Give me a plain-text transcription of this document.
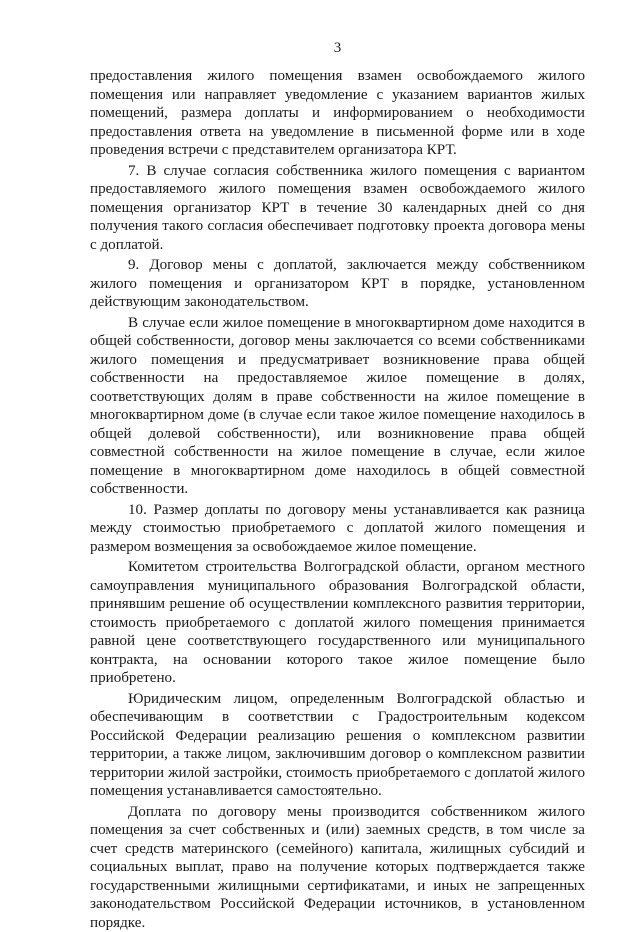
3

предоставления жилого помещения взамен освобождаемого жилого помещения или направляет уведомление с указанием вариантов жилых помещений, размера доплаты и информированием о необходимости предоставления ответа на уведомление в письменной форме или в ходе проведения встречи с представителем организатора КРТ.

7. В случае согласия собственника жилого помещения с вариантом предоставляемого жилого помещения взамен освобождаемого жилого помещения организатор КРТ в течение 30 календарных дней со дня получения такого согласия обеспечивает подготовку проекта договора мены с доплатой.

9. Договор мены с доплатой, заключается между собственником жилого помещения и организатором КРТ в порядке, установленном действующим законодательством.

В случае если жилое помещение в многоквартирном доме находится в общей собственности, договор мены заключается со всеми собственниками жилого помещения и предусматривает возникновение права общей собственности на предоставляемое жилое помещение в долях, соответствующих долям в праве собственности на жилое помещение в многоквартирном доме (в случае если такое жилое помещение находилось в общей долевой собственности), или возникновение права общей совместной собственности на жилое помещение в случае, если жилое помещение в многоквартирном доме находилось в общей совместной собственности.

10. Размер доплаты по договору мены устанавливается как разница между стоимостью приобретаемого с доплатой жилого помещения и размером возмещения за освобождаемое жилое помещение.

Комитетом строительства Волгоградской области, органом местного самоуправления муниципального образования Волгоградской области, принявшим решение об осуществлении комплексного развития территории, стоимость приобретаемого с доплатой жилого помещения принимается равной цене соответствующего государственного или муниципального контракта, на основании которого такое жилое помещение было приобретено.

Юридическим лицом, определенным Волгоградской областью и обеспечивающим в соответствии с Градостроительным кодексом Российской Федерации реализацию решения о комплексном развитии территории, а также лицом, заключившим договор о комплексном развитии территории жилой застройки, стоимость приобретаемого с доплатой жилого помещения устанавливается самостоятельно.

Доплата по договору мены производится собственником жилого помещения за счет собственных и (или) заемных средств, в том числе за счет средств материнского (семейного) капитала, жилищных субсидий и социальных выплат, право на получение которых подтверждается также государственными жилищными сертификатами, и иных не запрещенных законодательством Российской Федерации источников, в установленном порядке.
